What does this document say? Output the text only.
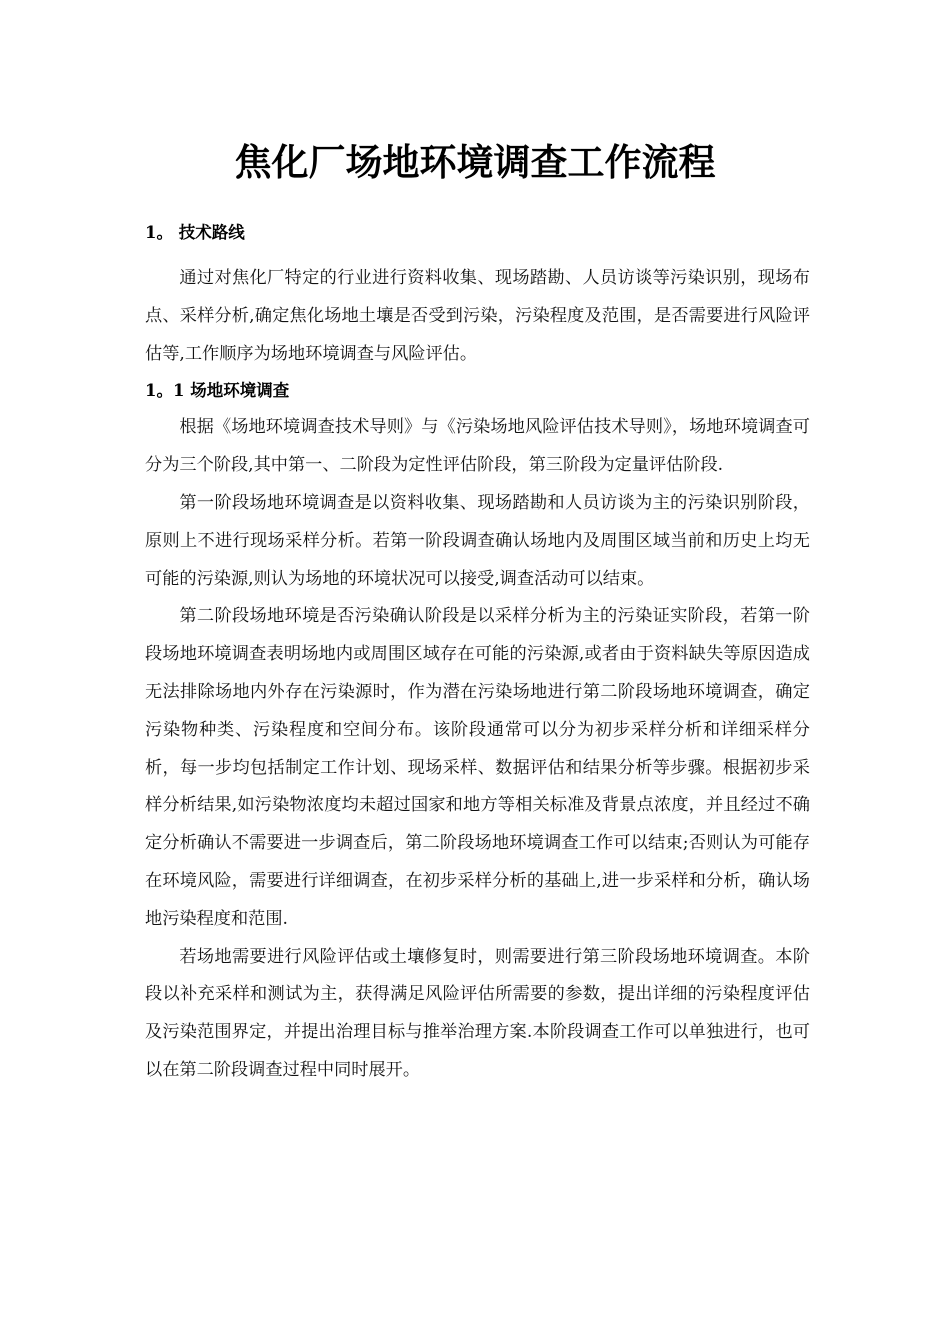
焦化厂场地环境调查工作流程
1。 技术路线

通过对焦化厂特定的行业进行资料收集、现场踏勘、人员访谈等污染识别，现场布点、采样分析,确定焦化场地土壤是否受到污染，污染程度及范围，是否需要进行风险评估等,工作顺序为场地环境调查与风险评估。

1。1 场地环境调查

根据《场地环境调查技术导则》与《污染场地风险评估技术导则》，场地环境调查可分为三个阶段,其中第一、二阶段为定性评估阶段，第三阶段为定量评估阶段.

第一阶段场地环境调查是以资料收集、现场踏勘和人员访谈为主的污染识别阶段，原则上不进行现场采样分析。若第一阶段调查确认场地内及周围区域当前和历史上均无可能的污染源,则认为场地的环境状况可以接受,调查活动可以结束。

第二阶段场地环境是否污染确认阶段是以采样分析为主的污染证实阶段，若第一阶段场地环境调查表明场地内或周围区域存在可能的污染源,或者由于资料缺失等原因造成无法排除场地内外存在污染源时，作为潜在污染场地进行第二阶段场地环境调查，确定污染物种类、污染程度和空间分布。该阶段通常可以分为初步采样分析和详细采样分析，每一步均包括制定工作计划、现场采样、数据评估和结果分析等步骤。根据初步采样分析结果,如污染物浓度均未超过国家和地方等相关标准及背景点浓度，并且经过不确定分析确认不需要进一步调查后，第二阶段场地环境调查工作可以结束;否则认为可能存在环境风险，需要进行详细调查，在初步采样分析的基础上,进一步采样和分析，确认场地污染程度和范围.

若场地需要进行风险评估或土壤修复时，则需要进行第三阶段场地环境调查。本阶段以补充采样和测试为主，获得满足风险评估所需要的参数，提出详细的污染程度评估及污染范围界定，并提出治理目标与推举治理方案.本阶段调查工作可以单独进行，也可以在第二阶段调查过程中同时展开。
